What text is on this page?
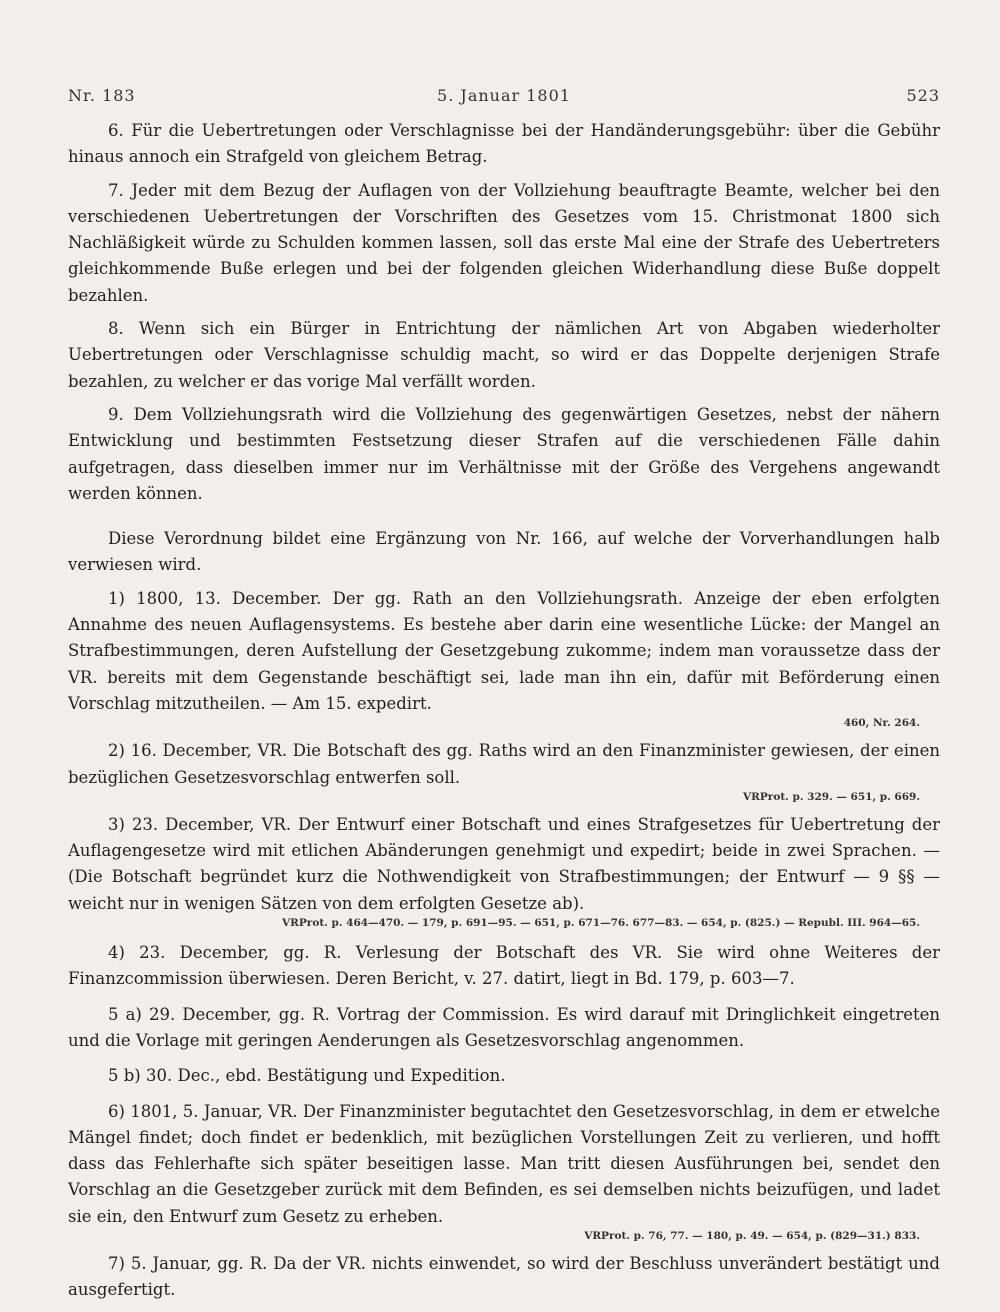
Nr. 183	5. Januar 1801	523

6. Für die Uebertretungen oder Verschlagnisse bei der Handänderungsgebühr: über die Gebühr hinaus annoch ein Strafgeld von gleichem Betrag.

7. Jeder mit dem Bezug der Auflagen von der Vollziehung beauftragte Beamte, welcher bei den verschiedenen Uebertretungen der Vorschriften des Gesetzes vom 15. Christmonat 1800 sich Nachläßigkeit würde zu Schulden kommen lassen, soll das erste Mal eine der Strafe des Uebertreters gleichkommende Buße erlegen und bei der folgenden gleichen Widerhandlung diese Buße doppelt bezahlen.

8. Wenn sich ein Bürger in Entrichtung der nämlichen Art von Abgaben wiederholter Uebertretungen oder Verschlagnisse schuldig macht, so wird er das Doppelte derjenigen Strafe bezahlen, zu welcher er das vorige Mal verfällt worden.

9. Dem Vollziehungsrath wird die Vollziehung des gegenwärtigen Gesetzes, nebst der nähern Entwicklung und bestimmten Festsetzung dieser Strafen auf die verschiedenen Fälle dahin aufgetragen, dass dieselben immer nur im Verhältnisse mit der Größe des Vergehens angewandt werden können.

Diese Verordnung bildet eine Ergänzung von Nr. 166, auf welche der Vorverhandlungen halb verwiesen wird.

1) 1800, 13. December. Der gg. Rath an den Vollziehungsrath. Anzeige der eben erfolgten Annahme des neuen Auflagensystems. Es bestehe aber darin eine wesentliche Lücke: der Mangel an Strafbestimmungen, deren Aufstellung der Gesetzgebung zukomme; indem man voraussetze dass der VR. bereits mit dem Gegenstande beschäftigt sei, lade man ihn ein, dafür mit Beförderung einen Vorschlag mitzutheilen. — Am 15. expedirt.

460, Nr. 264.

2) 16. December, VR. Die Botschaft des gg. Raths wird an den Finanzminister gewiesen, der einen bezüglichen Gesetzesvorschlag entwerfen soll.

VRProt. p. 329. — 651, p. 669.

3) 23. December, VR. Der Entwurf einer Botschaft und eines Strafgesetzes für Uebertretung der Auflagengesetze wird mit etlichen Abänderungen genehmigt und expedirt; beide in zwei Sprachen. — (Die Botschaft begründet kurz die Nothwendigkeit von Strafbestimmungen; der Entwurf — 9 §§ — weicht nur in wenigen Sätzen von dem erfolgten Gesetze ab).

VRProt. p. 464—470. — 179, p. 691—95. — 651, p. 671—76. 677—83. — 654, p. (825.) — Republ. III. 964—65.

4) 23. December, gg. R. Verlesung der Botschaft des VR. Sie wird ohne Weiteres der Finanzcommission überwiesen. Deren Bericht, v. 27. datirt, liegt in Bd. 179, p. 603—7.

5 a) 29. December, gg. R. Vortrag der Commission. Es wird darauf mit Dringlichkeit eingetreten und die Vorlage mit geringen Aenderungen als Gesetzesvorschlag angenommen.

5 b) 30. Dec., ebd. Bestätigung und Expedition.

6) 1801, 5. Januar, VR. Der Finanzminister begutachtet den Gesetzesvorschlag, in dem er etwelche Mängel findet; doch findet er bedenklich, mit bezüglichen Vorstellungen Zeit zu verlieren, und hofft dass das Fehlerhafte sich später beseitigen lasse. Man tritt diesen Ausführungen bei, sendet den Vorschlag an die Gesetzgeber zurück mit dem Befinden, es sei demselben nichts beizufügen, und ladet sie ein, den Entwurf zum Gesetz zu erheben.

VRProt. p. 76, 77. — 180, p. 49. — 654, p. (829—31.) 833.

7) 5. Januar, gg. R. Da der VR. nichts einwendet, so wird der Beschluss unverändert bestätigt und ausgefertigt.
